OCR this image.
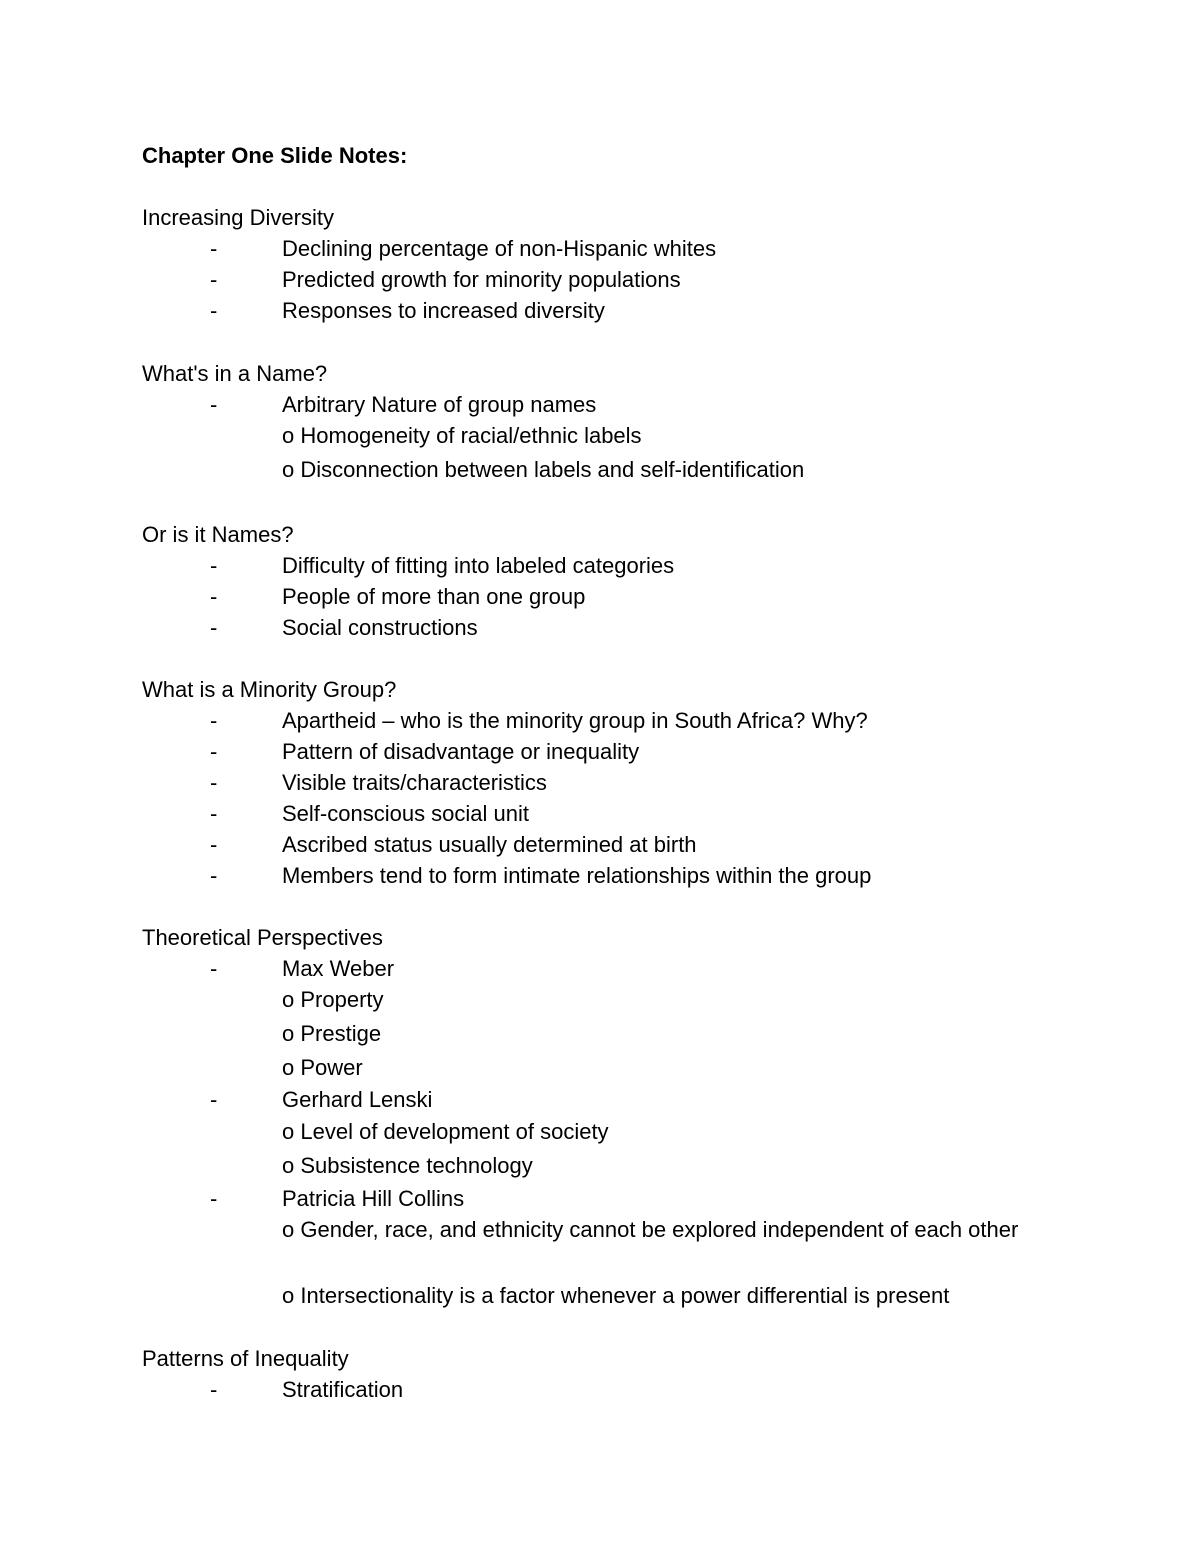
Chapter One Slide Notes:
Increasing Diversity
-	Declining percentage of non-Hispanic whites
-	Predicted growth for minority populations
-	Responses to increased diversity
What's in a Name?
-	Arbitrary Nature of group names
o Homogeneity of racial/ethnic labels
o Disconnection between labels and self-identification
Or is it Names?
-	Difficulty of fitting into labeled categories
-	People of more than one group
-	Social constructions
What is a Minority Group?
-	Apartheid – who is the minority group in South Africa? Why?
-	Pattern of disadvantage or inequality
-	Visible traits/characteristics
-	Self-conscious social unit
-	Ascribed status usually determined at birth
-	Members tend to form intimate relationships within the group
Theoretical Perspectives
-	Max Weber
o Property
o Prestige
o Power
-	Gerhard Lenski
o Level of development of society
o Subsistence technology
-	Patricia Hill Collins
o Gender, race, and ethnicity cannot be explored independent of each other
o Intersectionality is a factor whenever a power differential is present
Patterns of Inequality
-	Stratification
